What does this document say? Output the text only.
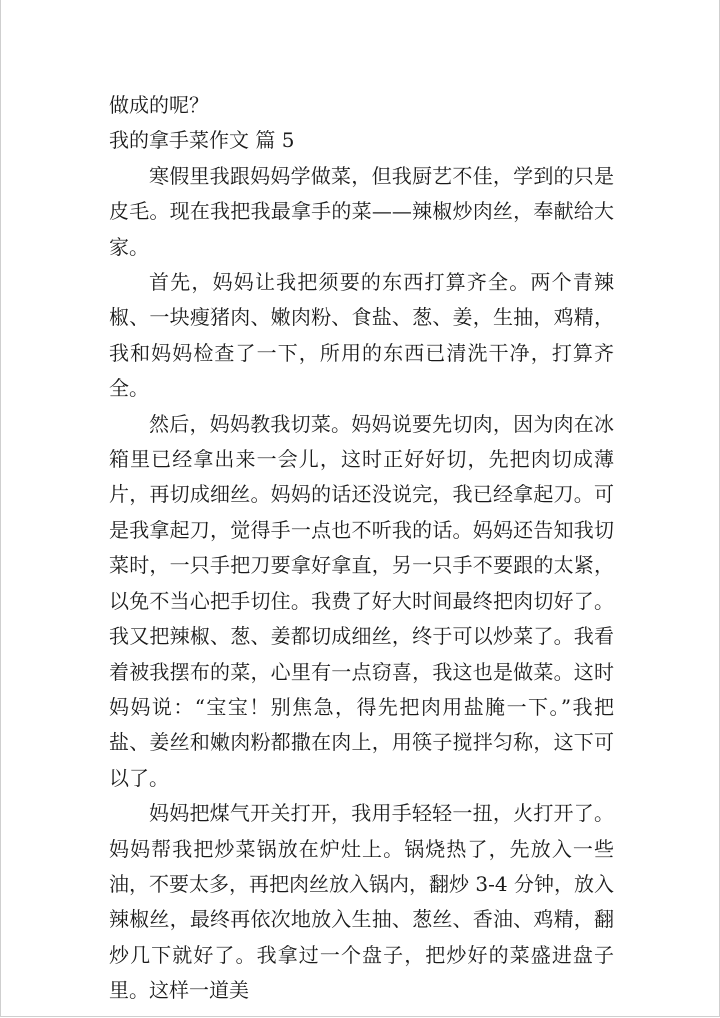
做成的呢？

我的拿手菜作文 篇 5

寒假里我跟妈妈学做菜，但我厨艺不佳，学到的只是皮毛。现在我把我最拿手的菜——辣椒炒肉丝，奉献给大家。

首先，妈妈让我把须要的东西打算齐全。两个青辣椒、一块瘦猪肉、嫩肉粉、食盐、葱、姜，生抽，鸡精，我和妈妈检查了一下，所用的东西已清洗干净，打算齐全。

然后，妈妈教我切菜。妈妈说要先切肉，因为肉在冰箱里已经拿出来一会儿，这时正好好切，先把肉切成薄片，再切成细丝。妈妈的话还没说完，我已经拿起刀。可是我拿起刀，觉得手一点也不听我的话。妈妈还告知我切菜时，一只手把刀要拿好拿直，另一只手不要跟的太紧，以免不当心把手切住。我费了好大时间最终把肉切好了。我又把辣椒、葱、姜都切成细丝，终于可以炒菜了。我看着被我摆布的菜，心里有一点窃喜，我这也是做菜。这时妈妈说：“宝宝！别焦急，得先把肉用盐腌一下。”我把盐、姜丝和嫩肉粉都撒在肉上，用筷子搅拌匀称，这下可以了。

妈妈把煤气开关打开，我用手轻轻一扭，火打开了。妈妈帮我把炒菜锅放在炉灶上。锅烧热了，先放入一些油，不要太多，再把肉丝放入锅内，翻炒 3-4 分钟，放入辣椒丝，最终再依次地放入生抽、葱丝、香油、鸡精，翻炒几下就好了。我拿过一个盘子，把炒好的菜盛进盘子里。这样一道美
